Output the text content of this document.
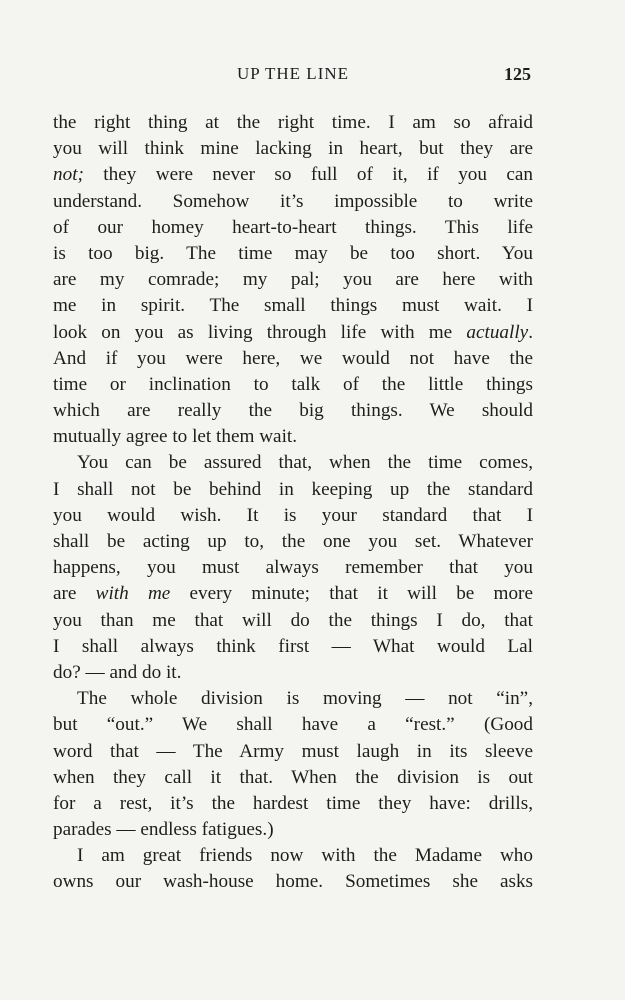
UP THE LINE	125

the right thing at the right time. I am so afraid
you will think mine lacking in heart, but they are
not; they were never so full of it, if you can
understand. Somehow it’s impossible to write
of our homey heart-to-heart things. This life
is too big. The time may be too short. You
are my comrade; my pal; you are here with
me in spirit. The small things must wait. I
look on you as living through life with me actually.
And if you were here, we would not have the
time or inclination to talk of the little things
which are really the big things. We should
mutually agree to let them wait.

You can be assured that, when the time comes,
I shall not be behind in keeping up the standard
you would wish. It is your standard that I
shall be acting up to, the one you set. Whatever
happens, you must always remember that you
are with me every minute; that it will be more
you than me that will do the things I do, that
I shall always think first — What would Lal
do? — and do it.

The whole division is moving — not “in”,
but “out.” We shall have a “rest.” (Good
word that — The Army must laugh in its sleeve
when they call it that. When the division is out
for a rest, it’s the hardest time they have: drills,
parades — endless fatigues.)

I am great friends now with the Madame who
owns our wash-house home. Sometimes she asks
